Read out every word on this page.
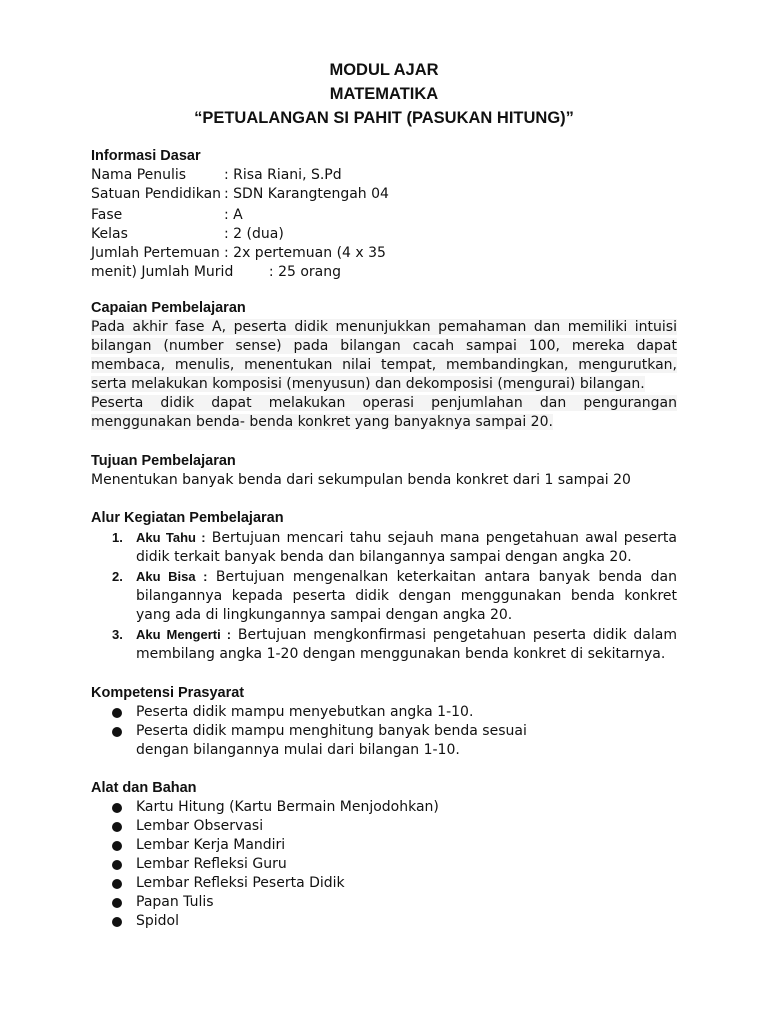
MODUL AJAR
MATEMATIKA
“PETUALANGAN SI PAHIT (PASUKAN HITUNG)”
Informasi Dasar
Nama Penulis	: Risa Riani, S.Pd
Satuan Pendidikan : SDN Karangtengah 04
Fase	: A
Kelas	: 2 (dua)
Jumlah Pertemuan : 2x pertemuan (4 x 35
menit) Jumlah Murid        : 25 orang
Capaian Pembelajaran
Pada akhir fase A, peserta didik menunjukkan pemahaman dan memiliki intuisi bilangan (number sense) pada bilangan cacah sampai 100, mereka dapat membaca, menulis, menentukan nilai tempat, membandingkan, mengurutkan, serta melakukan komposisi (menyusun) dan dekomposisi (mengurai) bilangan.
Peserta didik dapat melakukan operasi penjumlahan dan pengurangan menggunakan benda- benda konkret yang banyaknya sampai 20.
Tujuan Pembelajaran
Menentukan banyak benda dari sekumpulan benda konkret dari 1 sampai 20
Alur Kegiatan Pembelajaran
1. Aku Tahu : Bertujuan mencari tahu sejauh mana pengetahuan awal peserta didik terkait banyak benda dan bilangannya sampai dengan angka 20.
2. Aku Bisa : Bertujuan mengenalkan keterkaitan antara banyak benda dan bilangannya kepada peserta didik dengan menggunakan benda konkret yang ada di lingkungannya sampai dengan angka 20.
3. Aku Mengerti : Bertujuan mengkonfirmasi pengetahuan peserta didik dalam membilang angka 1-20 dengan menggunakan benda konkret di sekitarnya.
Kompetensi Prasyarat
Peserta didik mampu menyebutkan angka 1-10.
Peserta didik mampu menghitung banyak benda sesuai dengan bilangannya mulai dari bilangan 1-10.
Alat dan Bahan
Kartu Hitung (Kartu Bermain Menjodohkan)
Lembar Observasi
Lembar Kerja Mandiri
Lembar Refleksi Guru
Lembar Refleksi Peserta Didik
Papan Tulis
Spidol
